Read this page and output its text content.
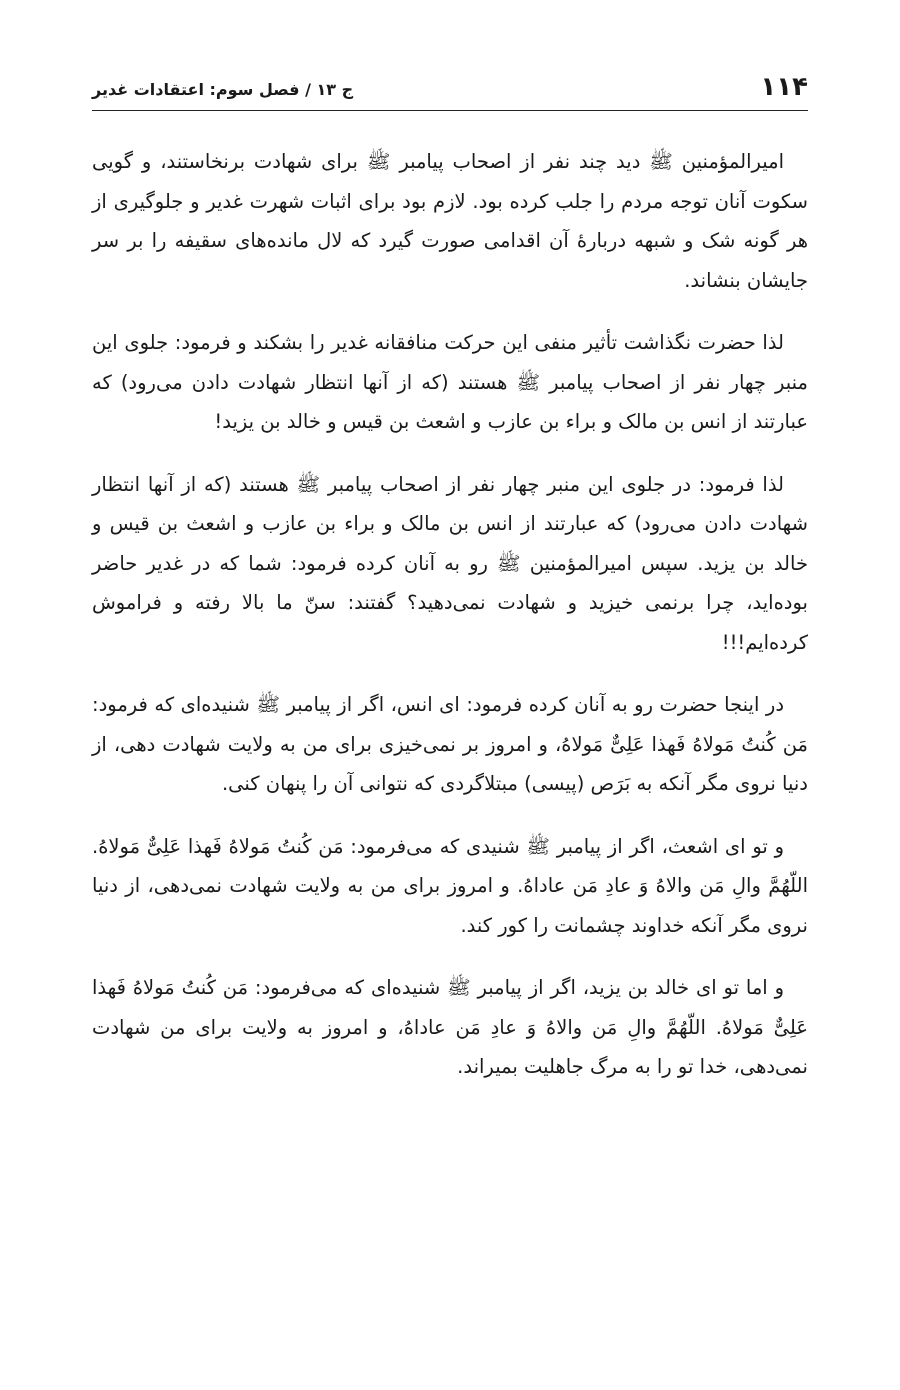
۱۱۴
ج ۱۳ / فصل سوم: اعتقادات غدیر

امیرالمؤمنین ﷺ دید چند نفر از اصحاب پیامبر ﷺ برای شهادت برنخاستند، و گویی سکوت آنان توجه مردم را جلب کرده بود. لازم بود برای اثبات شهرت غدیر و جلوگیری از هر گونه شک و شبهه دربارهٔ آن اقدامی صورت گیرد که لال مانده‌های سقیفه را بر سر جایشان بنشاند.

لذا حضرت نگذاشت تأثیر منفی این حرکت منافقانه غدیر را بشکند و فرمود: جلوی این منبر چهار نفر از اصحاب پیامبر ﷺ هستند (که از آنها انتظار شهادت دادن می‌رود) که عبارتند از انس بن مالک و براء بن عازب و اشعث بن قیس و خالد بن یزید!

لذا فرمود: در جلوی این منبر چهار نفر از اصحاب پیامبر ﷺ هستند (که از آنها انتظار شهادت دادن می‌رود) که عبارتند از انس بن مالک و براء بن عازب و اشعث بن قیس و خالد بن یزید. سپس امیرالمؤمنین ﷺ رو به آنان کرده فرمود: شما که در غدیر حاضر بوده‌اید، چرا برنمی خیزید و شهادت نمی‌دهید؟ گفتند: سنّ ما بالا رفته و فراموش کرده‌ایم!!!

در اینجا حضرت رو به آنان کرده فرمود: ای انس، اگر از پیامبر ﷺ شنیده‌ای که فرمود: مَن کُنتُ مَولاهُ فَهذا عَلِیٌّ مَولاهُ، و امروز بر نمی‌خیزی برای من به ولایت شهادت دهی، از دنیا نروی مگر آنکه به بَرَص (پیسی) مبتلاگردی که نتوانی آن را پنهان کنی.

و تو ای اشعث، اگر از پیامبر ﷺ شنیدی که می‌فرمود: مَن کُنتُ مَولاهُ فَهذا عَلِیٌّ مَولاهُ. اللّهُمَّ والِ مَن والاهُ وَ عادِ مَن عاداهُ. و امروز برای من به ولایت شهادت نمی‌دهی، از دنیا نروی مگر آنکه خداوند چشمانت را کور کند.

و اما تو ای خالد بن یزید، اگر از پیامبر ﷺ شنیده‌ای که می‌فرمود: مَن کُنتُ مَولاهُ فَهذا عَلِیٌّ مَولاهُ. اللّهُمَّ والِ مَن والاهُ وَ عادِ مَن عاداهُ، و امروز به ولایت برای من شهادت نمی‌دهی، خدا تو را به مرگ جاهلیت بمیراند.
